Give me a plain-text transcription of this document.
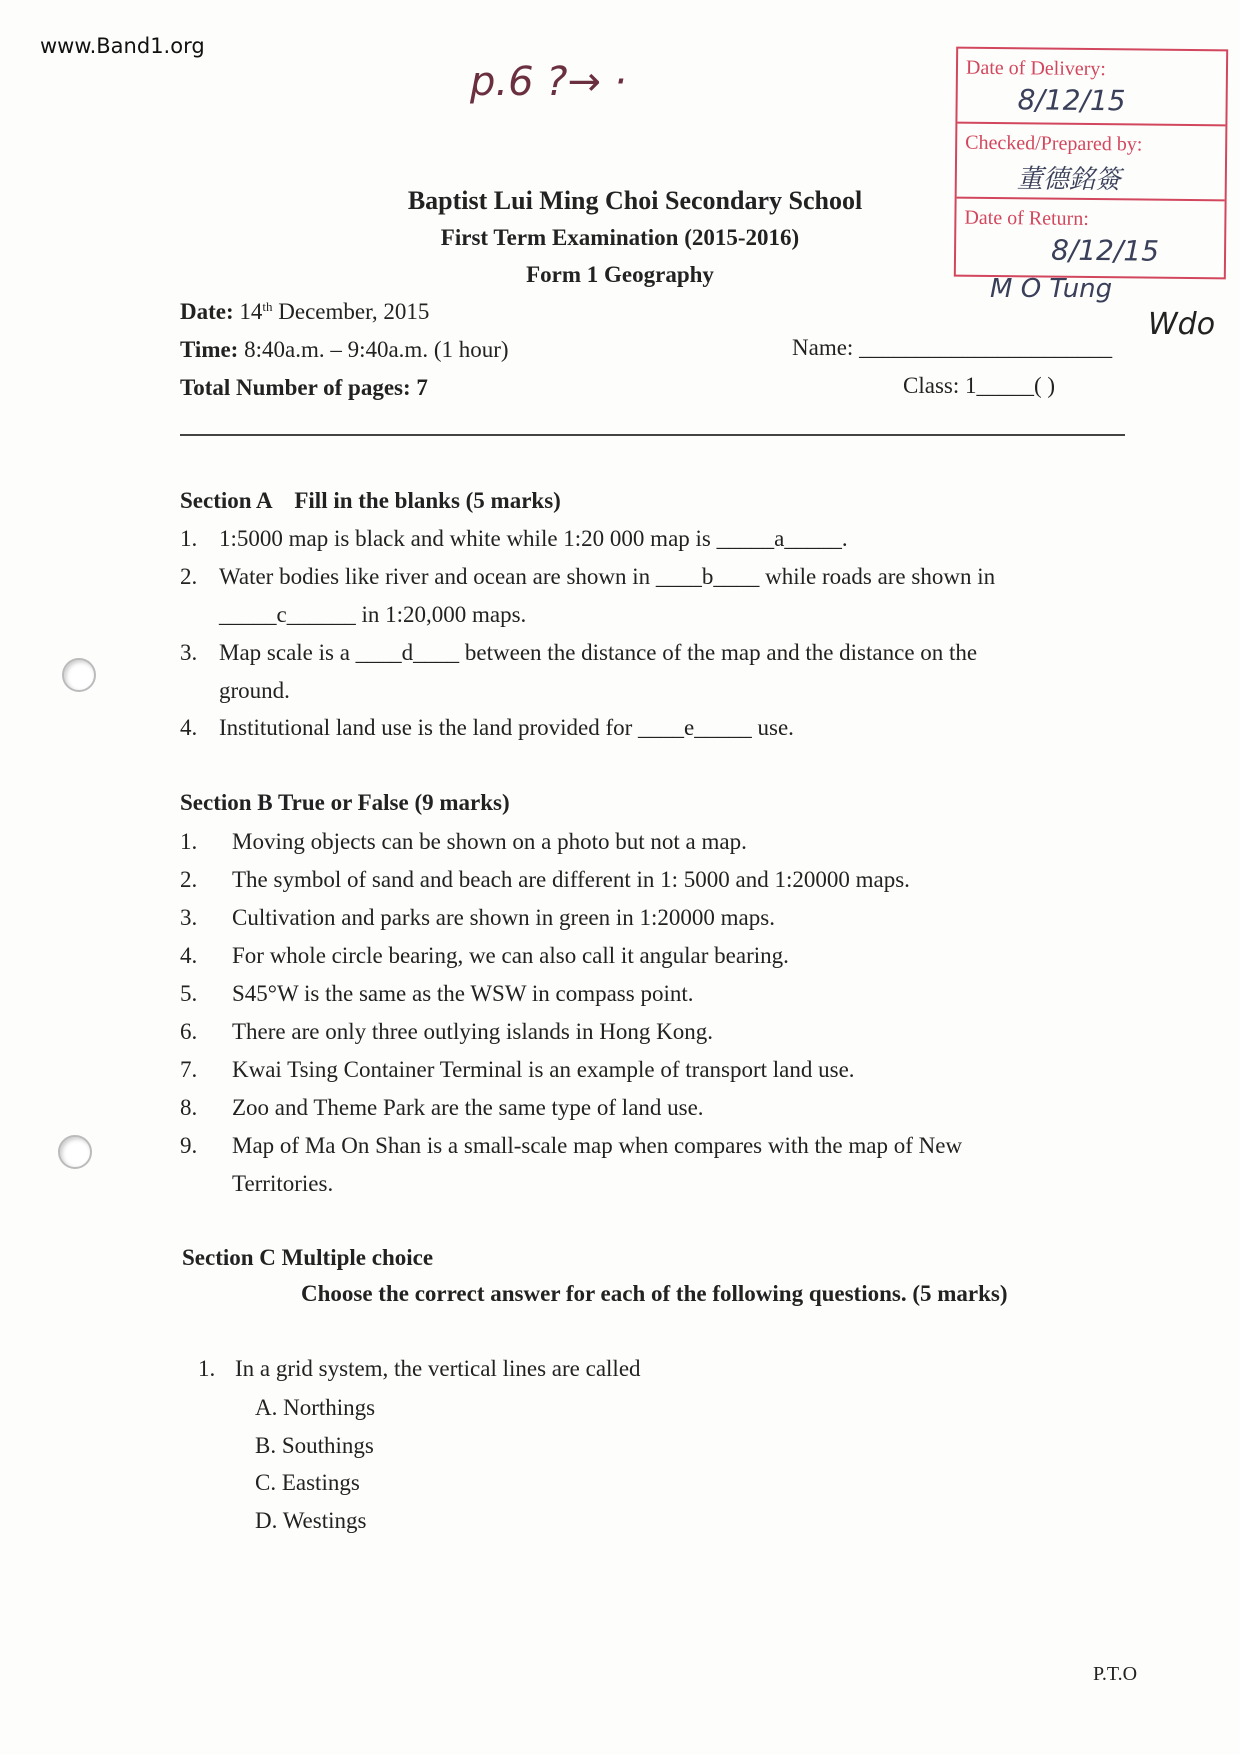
www.Band1.org
p.6 ?→ ·	Date of Delivery:
8/12/15
Checked/Prepared by:
董德銘簽
Date of Return:
8/12/15
M O Tung
Wdo
Baptist Lui Ming Choi Secondary School
First Term Examination (2015-2016)
Form 1 Geography
Date: 14th December, 2015
Time: 8:40a.m. – 9:40a.m. (1 hour)
Total Number of pages: 7
Name: ______________________
Class: 1_____( )
Section A    Fill in the blanks (5 marks)
1. 1:5000 map is black and white while 1:20 000 map is _____a_____.
2. Water bodies like river and ocean are shown in ____b____ while roads are shown in
_____c______ in 1:20,000 maps.
3. Map scale is a ____d____ between the distance of the map and the distance on the
ground.
4. Institutional land use is the land provided for ____e_____ use.
Section B True or False (9 marks)
1. Moving objects can be shown on a photo but not a map.
2. The symbol of sand and beach are different in 1: 5000 and 1:20000 maps.
3. Cultivation and parks are shown in green in 1:20000 maps.
4. For whole circle bearing, we can also call it angular bearing.
5. S45°W is the same as the WSW in compass point.
6. There are only three outlying islands in Hong Kong.
7. Kwai Tsing Container Terminal is an example of transport land use.
8. Zoo and Theme Park are the same type of land use.
9. Map of Ma On Shan is a small-scale map when compares with the map of New
Territories.
Section C Multiple choice
Choose the correct answer for each of the following questions. (5 marks)
1. In a grid system, the vertical lines are called
A. Northings
B. Southings
C. Eastings
D. Westings
P.T.O
